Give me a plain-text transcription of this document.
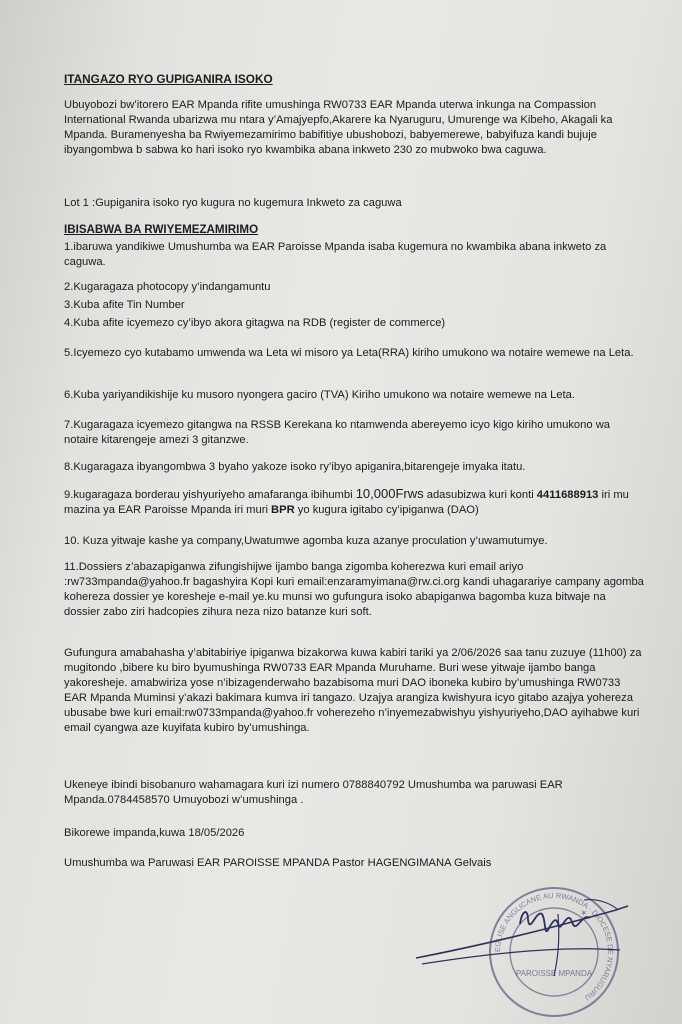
ITANGAZO RYO GUPIGANIRA ISOKO

Ubuyobozi bw’itorero EAR Mpanda rifite umushinga RW0733 EAR Mpanda uterwa inkunga na Compassion International Rwanda ubarizwa mu ntara y’Amajyepfo,Akarere ka Nyaruguru, Umurenge wa Kibeho, Akagali ka Mpanda. Buramenyesha ba Rwiyemezamirimo babifitiye ubushobozi, babyemerewe, babyifuza kandi bujuje ibyangombwa b sabwa ko hari isoko ryo kwambika abana inkweto 230 zo mubwoko bwa caguwa.

Lot 1 :Gupiganira isoko ryo kugura no kugemura Inkweto za caguwa

IBISABWA BA RWIYEMEZAMIRIMO

1.ibaruwa yandikiwe Umushumba wa EAR Paroisse Mpanda isaba kugemura no kwambika abana inkweto za caguwa.

2.Kugaragaza photocopy y’indangamuntu

3.Kuba afite Tin Number

4.Kuba afite icyemezo cy’ibyo akora gitagwa na RDB (register de commerce)

5.Icyemezo cyo kutabamo umwenda wa Leta wi misoro ya Leta(RRA) kiriho umukono wa notaire wemewe na Leta.

6.Kuba yariyandikishije ku musoro nyongera gaciro (TVA) Kiriho umukono wa notaire wemewe na Leta.

7.Kugaragaza icyemezo gitangwa na RSSB Kerekana ko ntamwenda abereyemo icyo kigo kiriho umukono wa notaire kitarengeje amezi 3 gitanzwe.

8.Kugaragaza ibyangombwa 3 byaho yakoze isoko ry’ibyo apiganira,bitarengeje imyaka itatu.

9.kugaragaza borderau yishyuriyeho amafaranga ibihumbi 10,000Frws adasubizwa kuri konti 4411688913 iri mu mazina ya EAR Paroisse Mpanda iri muri BPR yo kugura igitabo cy’ipiganwa (DAO)

10. Kuza yitwaje kashe ya company,Uwatumwe agomba kuza azanye proculation y’uwamutumye.

11.Dossiers z’abazapiganwa zifungishijwe ijambo banga zigomba koherezwa kuri email ariyo :rw733mpanda@yahoo.fr bagashyira Kopi kuri email:enzaramyimana@rw.ci.org kandi uhagarariye campany agomba kohereza dossier ye koresheje e-mail ye.ku munsi wo gufungura isoko abapiganwa bagomba kuza bitwaje na dossier zabo ziri hadcopies zihura neza nizo batanze kuri soft.

Gufungura amabahasha y’abitabiriye ipiganwa bizakorwa kuwa kabiri tariki ya 2/06/2026 saa tanu zuzuye (11h00) za mugitondo ,bibere ku biro byumushinga RW0733 EAR Mpanda Muruhame. Buri wese yitwaje ijambo banga yakoresheje. amabwiriza yose n’ibizagenderwaho bazabisoma muri DAO iboneka kubiro by’umushinga RW0733 EAR Mpanda Muminsi y’akazi bakimara kumva iri tangazo. Uzajya arangiza kwishyura icyo gitabo azajya yohereza ubusabe bwe kuri email:rw0733mpanda@yahoo.fr voherezeho n’inyemezabwishyu yishyuriyeho,DAO ayihabwe kuri email cyangwa aze kuyifata kubiro by’umushinga.

Ukeneye ibindi bisobanuro wahamagara kuri izi numero 0788840792 Umushumba wa paruwasi EAR Mpanda.0784458570 Umuyobozi w’umushinga .

Bikorewe impanda,kuwa 18/05/2026

Umushumba wa Paruwasi EAR PAROISSE MPANDA Pastor HAGENGIMANA Gelvais

EGLISE ANGLICANE AU RWANDA · DIOCESE DE NYARUGURU
PAROISSE MPANDA
✶
